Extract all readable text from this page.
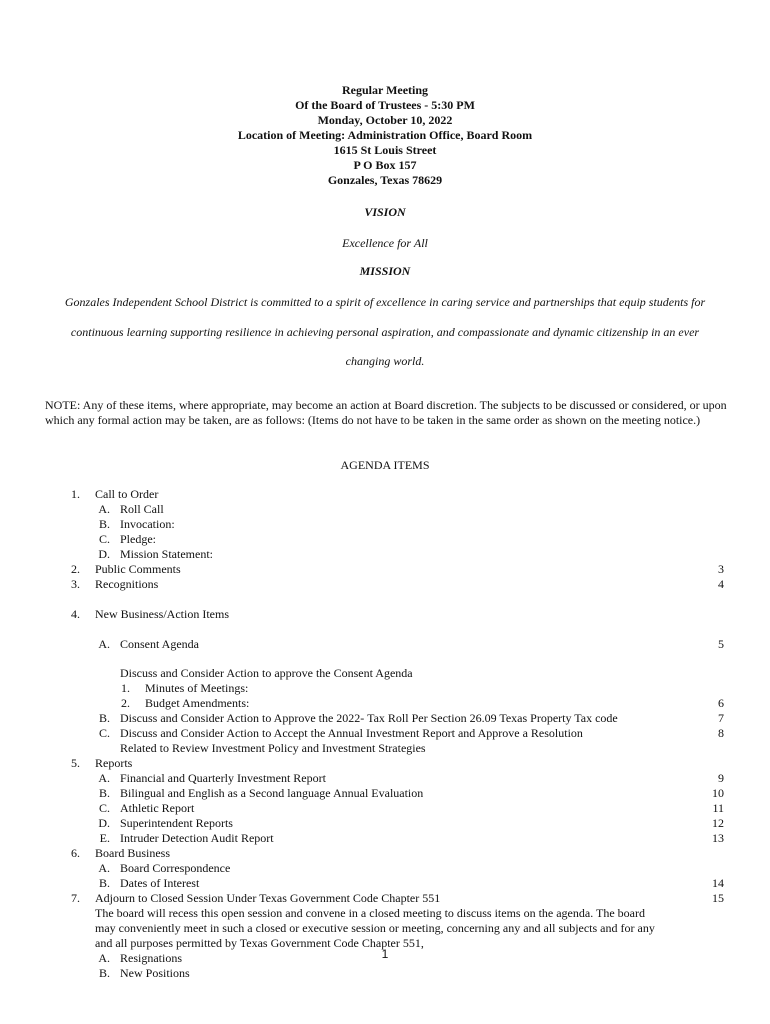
Regular Meeting
Of the Board of Trustees - 5:30 PM
Monday, October 10, 2022
Location of Meeting: Administration Office, Board Room
1615 St Louis Street
P O Box 157
Gonzales, Texas 78629
VISION
Excellence for All
MISSION
Gonzales Independent School District is committed to a spirit of excellence in caring service and partnerships that equip students for
continuous learning supporting resilience in achieving personal aspiration, and compassionate and dynamic citizenship in an ever
changing world.
NOTE: Any of these items, where appropriate, may become an action at Board discretion. The subjects to be discussed or considered, or upon which any formal action may be taken, are as follows: (Items do not have to be taken in the same order as shown on the meeting notice.)
AGENDA ITEMS
1. Call to Order
A. Roll Call
B. Invocation:
C. Pledge:
D. Mission Statement:
2. Public Comments	3
3. Recognitions	4
4. New Business/Action Items
A. Consent Agenda	5
Discuss and Consider Action to approve the Consent Agenda
1. Minutes of Meetings:
2. Budget Amendments:	6
B. Discuss and Consider Action to Approve the 2022- Tax Roll Per Section 26.09 Texas Property Tax code	7
C. Discuss and Consider Action to Accept the Annual Investment Report and Approve a Resolution	8
Related to Review Investment Policy and Investment Strategies
5. Reports
A. Financial and Quarterly Investment Report	9
B. Bilingual and English as a Second language Annual Evaluation	10
C. Athletic Report	11
D. Superintendent Reports	12
E. Intruder Detection Audit Report	13
6. Board Business
A. Board Correspondence
B. Dates of Interest	14
7. Adjourn to Closed Session Under Texas Government Code Chapter 551	15
The board will recess this open session and convene in a closed meeting to discuss items on the agenda. The board may conveniently meet in such a closed or executive session or meeting, concerning any and all subjects and for any and all purposes permitted by Texas Government Code Chapter 551,
A. Resignations
B. New Positions
1
